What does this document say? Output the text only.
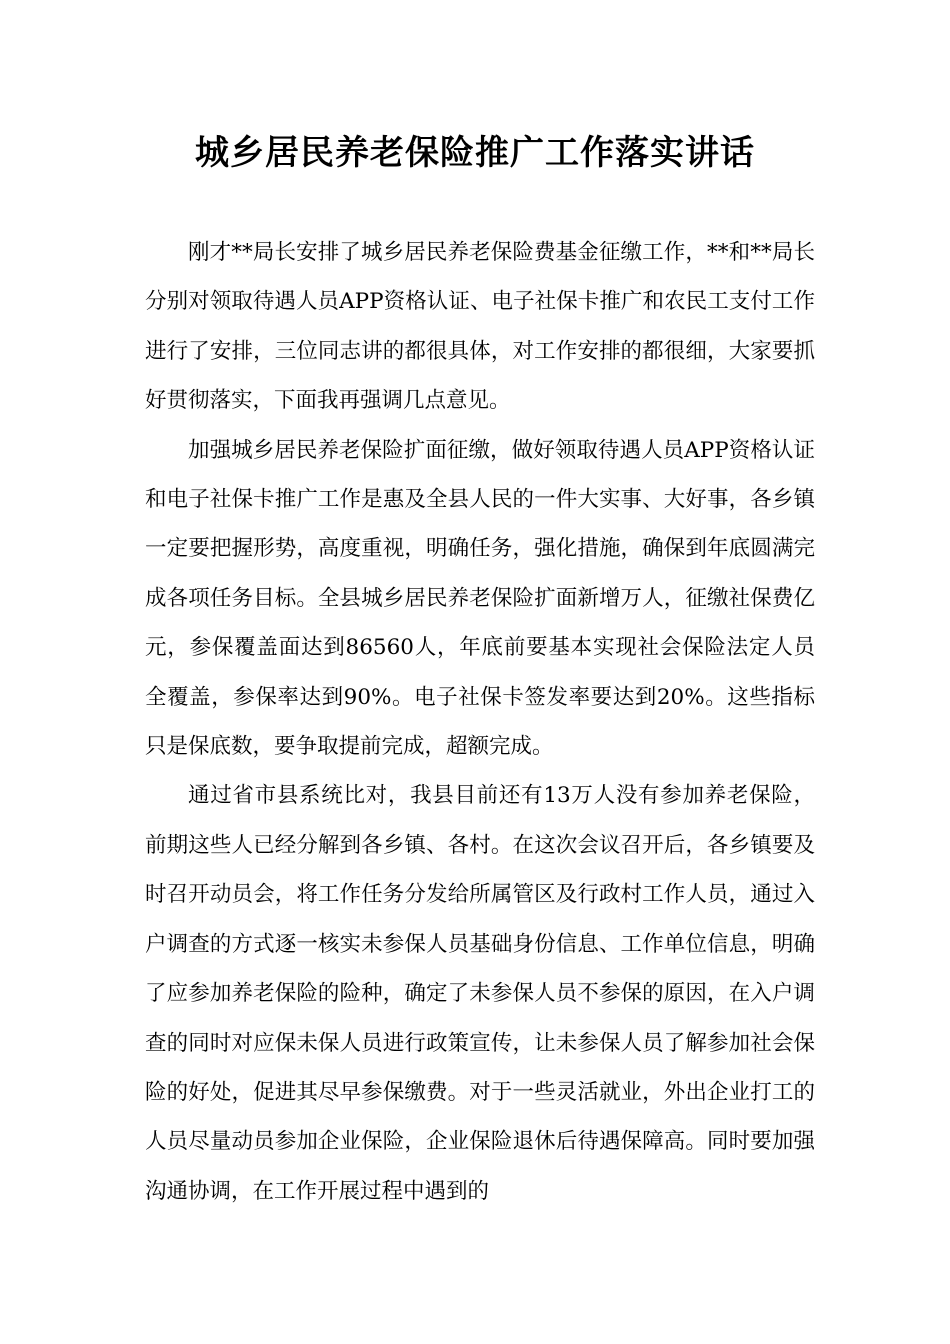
城乡居民养老保险推广工作落实讲话

刚才**局长安排了城乡居民养老保险费基金征缴工作，**和**局长分别对领取待遇人员APP资格认证、电子社保卡推广和农民工支付工作进行了安排，三位同志讲的都很具体，对工作安排的都很细，大家要抓好贯彻落实，下面我再强调几点意见。

加强城乡居民养老保险扩面征缴，做好领取待遇人员APP资格认证和电子社保卡推广工作是惠及全县人民的一件大实事、大好事，各乡镇一定要把握形势，高度重视，明确任务，强化措施，确保到年底圆满完成各项任务目标。全县城乡居民养老保险扩面新增万人，征缴社保费亿元，参保覆盖面达到86560人，年底前要基本实现社会保险法定人员全覆盖，参保率达到90%。电子社保卡签发率要达到20%。这些指标只是保底数，要争取提前完成，超额完成。

通过省市县系统比对，我县目前还有13万人没有参加养老保险，前期这些人已经分解到各乡镇、各村。在这次会议召开后，各乡镇要及时召开动员会，将工作任务分发给所属管区及行政村工作人员，通过入户调查的方式逐一核实未参保人员基础身份信息、工作单位信息，明确了应参加养老保险的险种，确定了未参保人员不参保的原因，在入户调查的同时对应保未保人员进行政策宣传，让未参保人员了解参加社会保险的好处，促进其尽早参保缴费。对于一些灵活就业，外出企业打工的人员尽量动员参加企业保险，企业保险退休后待遇保障高。同时要加强沟通协调，在工作开展过程中遇到的
